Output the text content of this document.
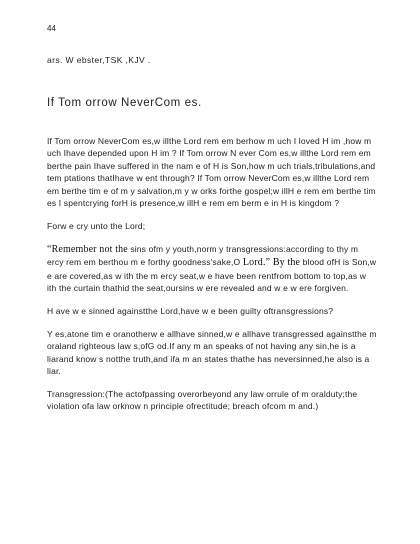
44
ars. W ebster,TSK ,KJV .
If Tom orrow NeverCom es.

If Tom orrow NeverCom es,w illthe Lord rem em berhow m uch I loved H im ,how m uch Ihave depended upon H im ? If Tom orrow N ever Com es,w illthe Lord rem em berthe pain Ihave suffered in the nam e of H is Son,how m uch trials,tribulations,and tem ptations thatIhave w ent through? If Tom orrow NeverCom es,w illthe Lord rem em berthe tim e of m y salvation,m y w orks forthe gospel;w illH e rem em berthe tim es I spentcrying forH is presence,w illH e rem em berm e in H is kingdom ?

Forw e cry unto the Lord;

“Remember not the sins ofm y youth,norm y transgressions:according to thy m ercy rem em berthou m e forthy goodness'sake,O Lord.” By the blood ofH is Son,w e are covered,as w ith the m ercy seat,w e have been rentfrom bottom to top,as w ith the curtain thathid the seat,oursins w ere revealed and w e w ere forgiven.

H ave w e sinned againstthe Lord,have w e been guilty oftransgressions?

Y es,atone tim e oranotherw e allhave sinned,w e allhave transgressed againstthe m oraland righteous law s,ofG od.If any m an speaks of not having any sin,he is a liarand know s notthe truth,and ifa m an states thathe has neversinned,he also is a liar.

Transgression:(The actofpassing overorbeyond any law orrule of m oralduty;the violation ofa law orknow n principle ofrectitude; breach ofcom m and.)
